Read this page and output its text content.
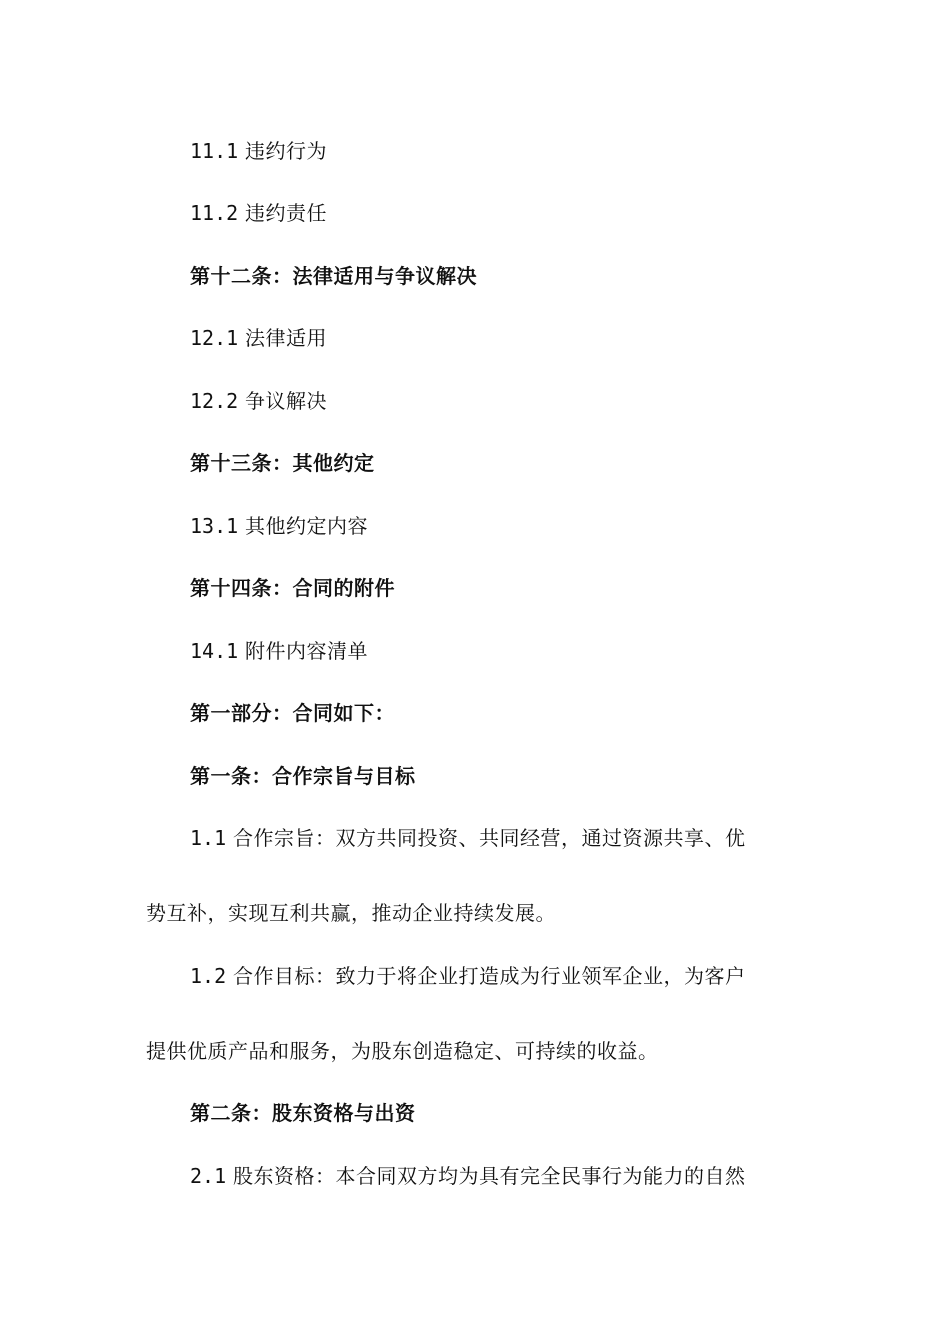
11.1 违约行为
11.2 违约责任
第十二条：法律适用与争议解决
12.1 法律适用
12.2 争议解决
第十三条：其他约定
13.1 其他约定内容
第十四条：合同的附件
14.1 附件内容清单
第一部分：合同如下：
第一条：合作宗旨与目标
1.1 合作宗旨：双方共同投资、共同经营，通过资源共享、优
势互补，实现互利共赢，推动企业持续发展。
1.2 合作目标：致力于将企业打造成为行业领军企业，为客户
提供优质产品和服务，为股东创造稳定、可持续的收益。
第二条：股东资格与出资
2.1 股东资格：本合同双方均为具有完全民事行为能力的自然
